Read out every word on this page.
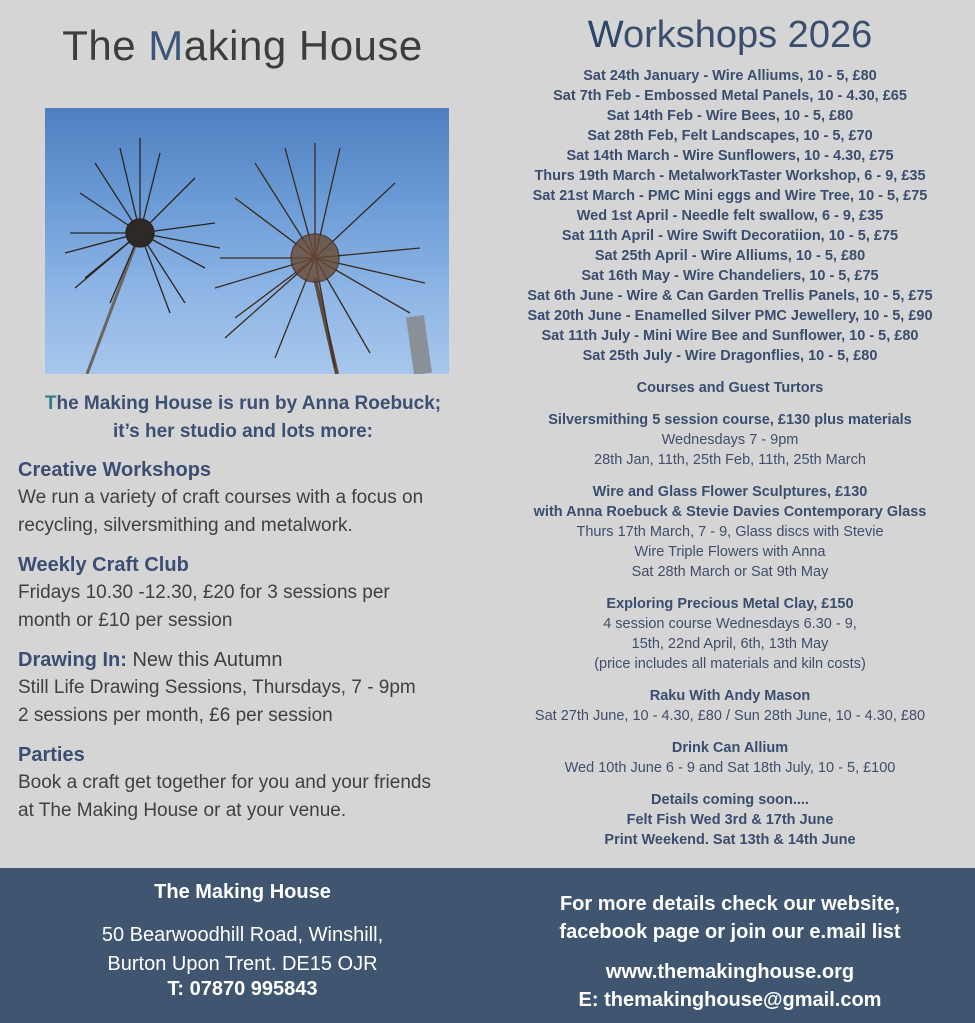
The Making House
The Making House is run by Anna Roebuck;
it’s her studio and lots more:
Creative Workshops

We run a variety of craft courses with a focus on

recycling, silversmithing and metalwork.

Weekly Craft Club

Fridays 10.30 -12.30, £20 for 3 sessions per

month or £10 per session

Drawing In: New this Autumn

Still Life Drawing Sessions, Thursdays, 7 - 9pm

2 sessions per month, £6 per session

Parties

Book a craft get together for you and your friends

at The Making House or at your venue.

Workshops 2026
Sat 24th January - Wire Alliums, 10 - 5, £80
Sat 7th Feb - Embossed Metal Panels, 10 - 4.30, £65
Sat 14th Feb - Wire Bees, 10 - 5, £80
Sat 28th Feb, Felt Landscapes, 10 - 5, £70
Sat 14th March - Wire Sunflowers, 10 - 4.30, £75
Thurs 19th March - MetalworkTaster Workshop, 6 - 9, £35
Sat 21st March - PMC Mini eggs and Wire Tree, 10 - 5, £75
Wed 1st April - Needle felt swallow, 6 - 9, £35
Sat 11th April - Wire Swift Decoratiion, 10 - 5, £75
Sat 25th April - Wire Alliums, 10 - 5, £80
Sat 16th May - Wire Chandeliers, 10 - 5, £75
Sat 6th June - Wire & Can Garden Trellis Panels, 10 - 5, £75
Sat 20th June - Enamelled Silver PMC Jewellery, 10 - 5, £90
Sat 11th July - Mini Wire Bee and Sunflower, 10 - 5, £80
Sat 25th July - Wire Dragonflies, 10 - 5, £80
Courses and Guest Turtors
Silversmithing 5 session course, £130 plus materials
Wednesdays 7 - 9pm
28th Jan, 11th, 25th Feb, 11th, 25th March
Wire and Glass Flower Sculptures, £130
with Anna Roebuck & Stevie Davies Contemporary Glass
Thurs 17th March, 7 - 9, Glass discs with Stevie
Wire Triple Flowers with Anna
Sat 28th March or Sat 9th May
Exploring Precious Metal Clay, £150
4 session course Wednesdays 6.30 - 9,
15th, 22nd April, 6th, 13th May
(price includes all materials and kiln costs)
Raku With Andy Mason
Sat 27th June, 10 - 4.30, £80 / Sun 28th June, 10 - 4.30, £80
Drink Can Allium
Wed 10th June 6 - 9 and Sat 18th July, 10 - 5, £100
Details coming soon....
Felt Fish Wed 3rd & 17th June
Print Weekend. Sat 13th & 14th June
The Making House
50 Bearwoodhill Road, Winshill,
Burton Upon Trent. DE15 OJR
T: 07870 995843
For more details check our website,
facebook page or join our e.mail list
www.themakinghouse.org
E: themakinghouse@gmail.com
